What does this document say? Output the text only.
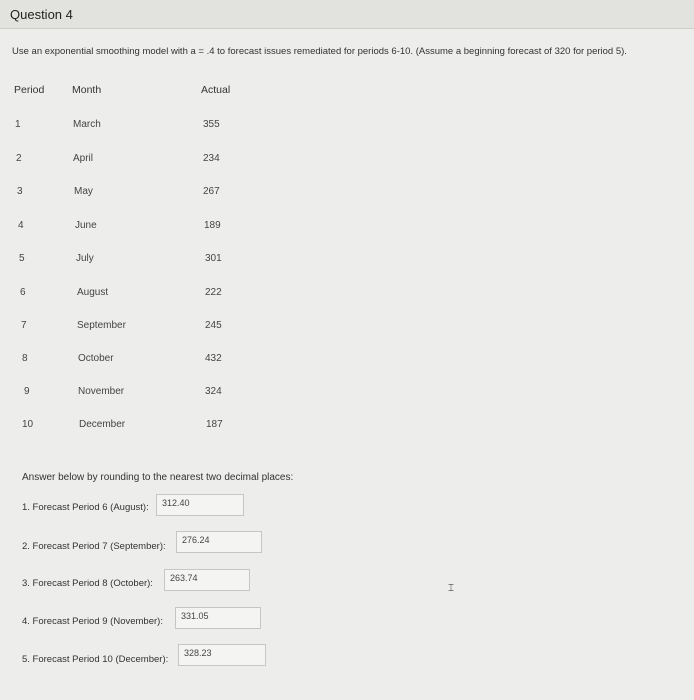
Question 4
Use an exponential smoothing model with a = .4 to forecast issues remediated for periods 6-10. (Assume a beginning forecast of 320 for period 5).
Period	Month	Actual
1	March	355
2	April	234
3	May	267
4	June	189
5	July	301
6	August	222
7	September	245
8	October	432
9	November	324
10	December	187
Answer below by rounding to the nearest two decimal places:
1. Forecast Period 6 (August):	312.40
2. Forecast Period 7 (September):
276.24
3. Forecast Period 8 (October):	263.74
4. Forecast Period 9 (November):	331.05
5. Forecast Period 10 (December):
328.23
⌶
